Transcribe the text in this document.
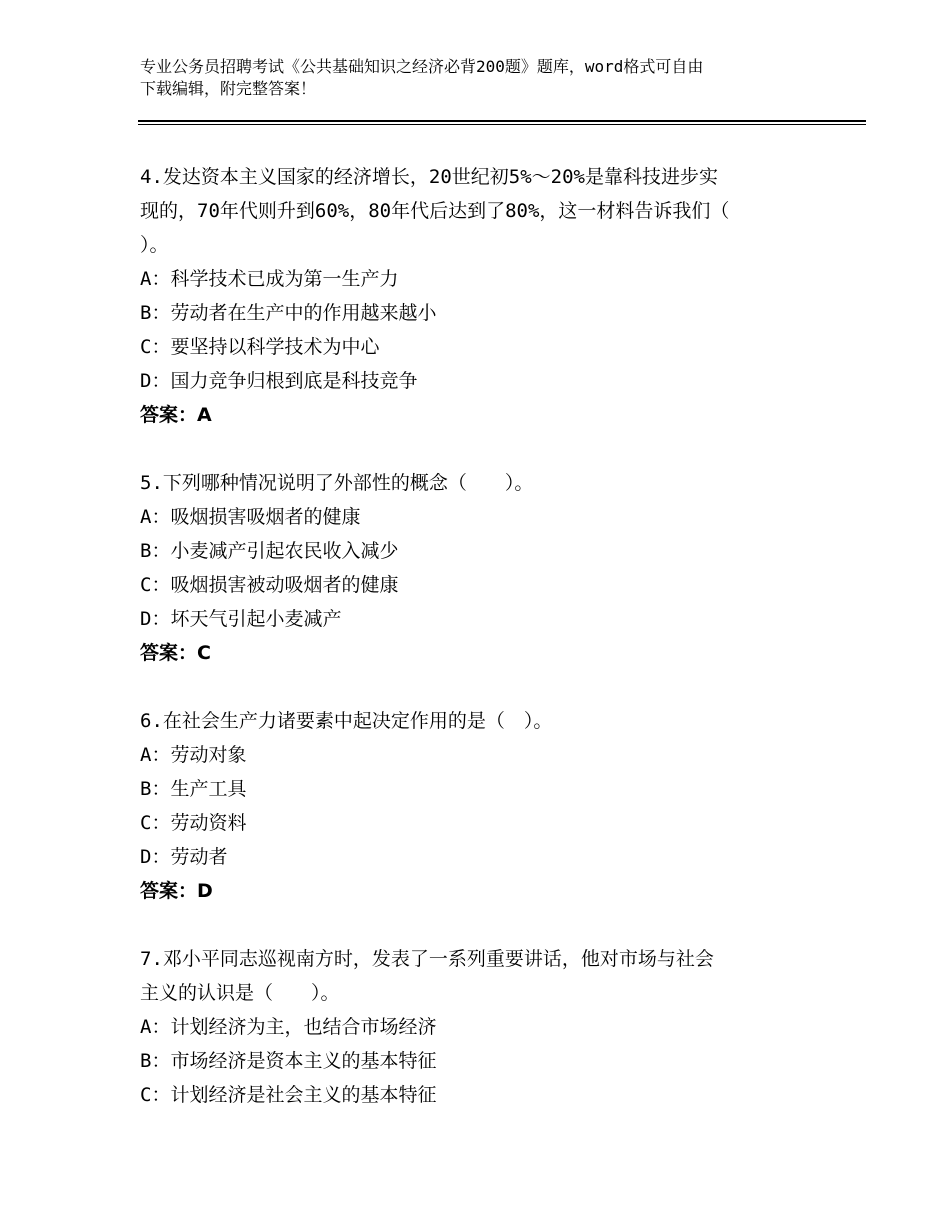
专业公务员招聘考试《公共基础知识之经济必背200题》题库，word格式可自由
下载编辑，附完整答案！
4.发达资本主义国家的经济增长，20世纪初5%～20%是靠科技进步实
现的，70年代则升到60%，80年代后达到了80%，这一材料告诉我们（
）。
A：科学技术已成为第一生产力
B：劳动者在生产中的作用越来越小
C：要坚持以科学技术为中心
D：国力竞争归根到底是科技竞争
答案：A
5.下列哪种情况说明了外部性的概念（　　）。
A：吸烟损害吸烟者的健康
B：小麦减产引起农民收入减少
C：吸烟损害被动吸烟者的健康
D：坏天气引起小麦减产
答案：C
6.在社会生产力诸要素中起决定作用的是（　）。
A：劳动对象
B：生产工具
C：劳动资料
D：劳动者
答案：D
7.邓小平同志巡视南方时，发表了一系列重要讲话，他对市场与社会
主义的认识是（　　）。
A：计划经济为主，也结合市场经济
B：市场经济是资本主义的基本特征
C：计划经济是社会主义的基本特征
